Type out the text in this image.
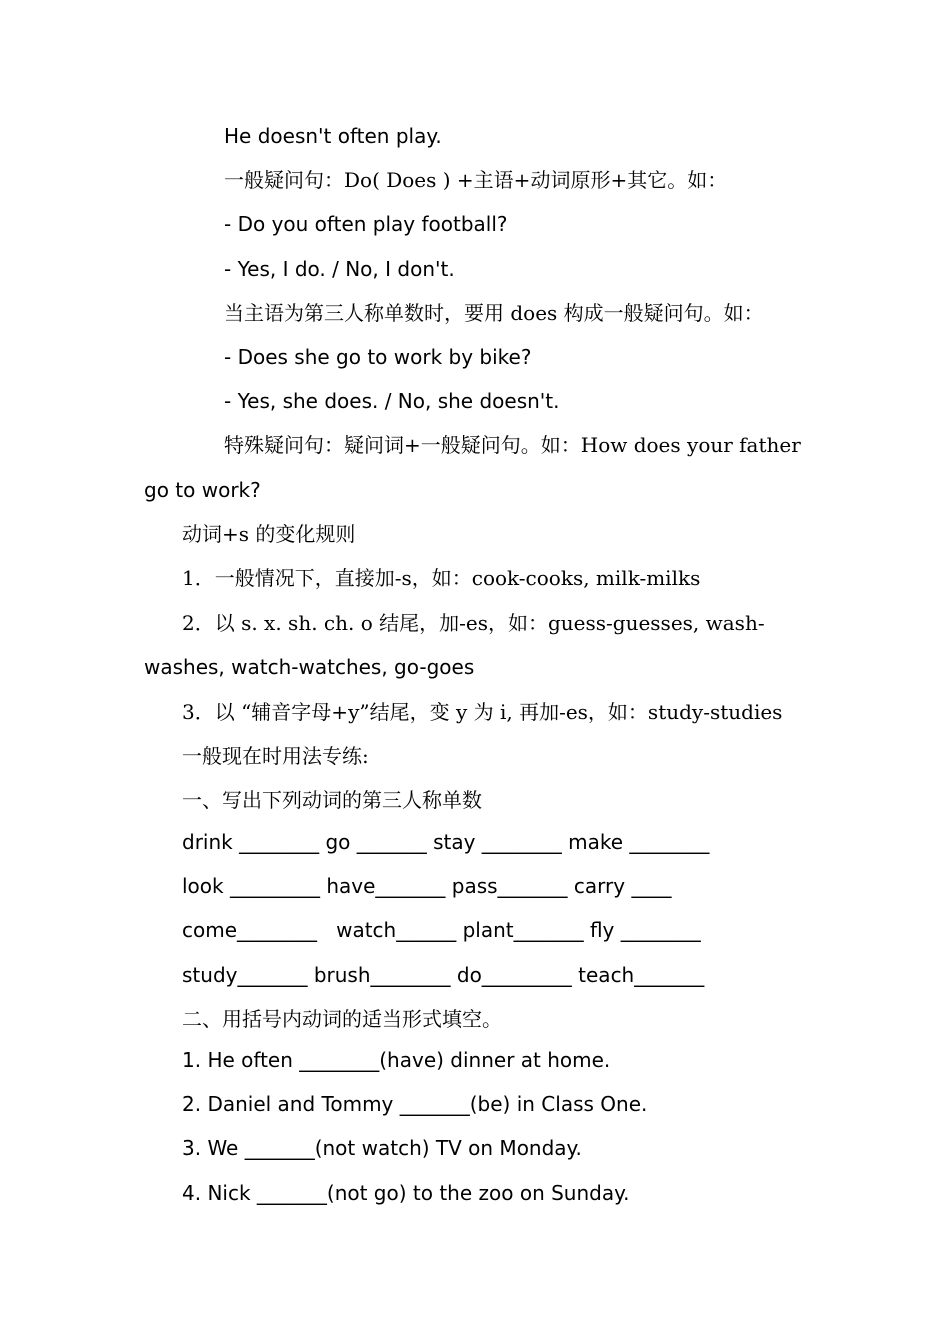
He doesn't often play.
一般疑问句：Do( Does ) +主语+动词原形+其它。如：
- Do you often play football?
- Yes, I do. / No, I don't.
当主语为第三人称单数时，要用 does 构成一般疑问句。如：
- Does she go to work by bike?
- Yes, she does. / No, she doesn't.
特殊疑问句：疑问词+一般疑问句。如：How does your father
go to work?
动词+s 的变化规则
1．一般情况下，直接加-s，如：cook-cooks, milk-milks
2．以 s. x. sh. ch. o 结尾，加-es，如：guess-guesses, wash-
washes, watch-watches, go-goes
3．以 “辅音字母+y”结尾，变 y 为 i, 再加-es，如：study-studies
一般现在时用法专练:
一、写出下列动词的第三人称单数
drink ________ go _______ stay ________ make ________
look _________ have_______ pass_______ carry ____
come________   watch______ plant_______ fly ________
study_______ brush________ do_________ teach_______
二、用括号内动词的适当形式填空。
1. He often ________(have) dinner at home.
2. Daniel and Tommy _______(be) in Class One.
3. We _______(not watch) TV on Monday.
4. Nick _______(not go) to the zoo on Sunday.
